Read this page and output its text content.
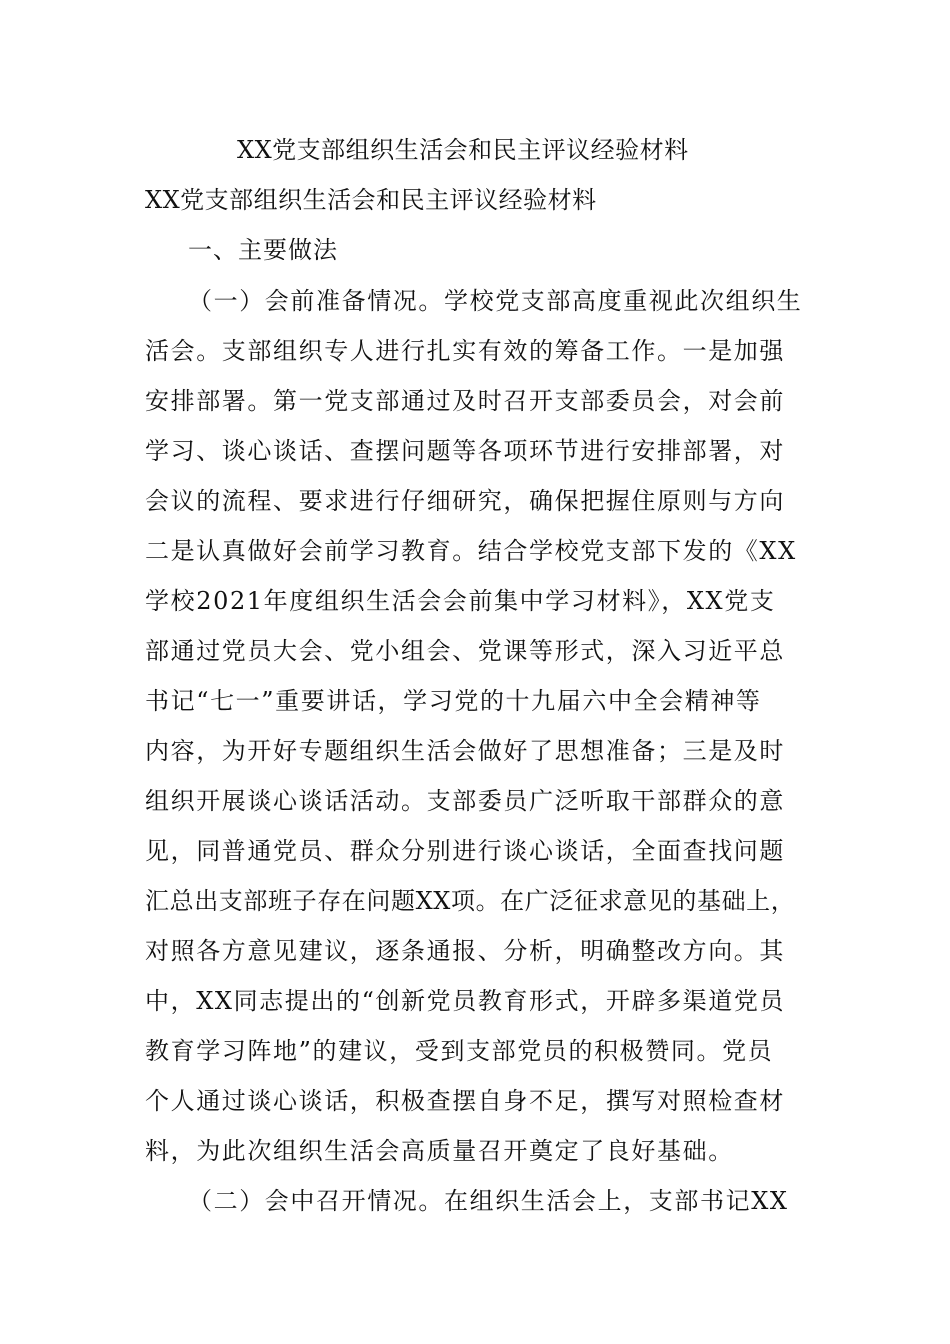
XX党支部组织生活会和民主评议经验材料
XX党支部组织生活会和民主评议经验材料
一、主要做法
（一）会前准备情况。学校党支部高度重视此次组织生
活会。支部组织专人进行扎实有效的筹备工作。一是加强
安排部署。第一党支部通过及时召开支部委员会，对会前
学习、谈心谈话、查摆问题等各项环节进行安排部署，对
会议的流程、要求进行仔细研究，确保把握住原则与方向
二是认真做好会前学习教育。结合学校党支部下发的《XX
学校2021年度组织生活会会前集中学习材料》，XX党支
部通过党员大会、党小组会、党课等形式，深入习近平总
书记“七一”重要讲话，学习党的十九届六中全会精神等
内容，为开好专题组织生活会做好了思想准备；三是及时
组织开展谈心谈话活动。支部委员广泛听取干部群众的意
见，同普通党员、群众分别进行谈心谈话，全面查找问题
汇总出支部班子存在问题XX项。在广泛征求意见的基础上，
对照各方意见建议，逐条通报、分析，明确整改方向。其
中，XX同志提出的“创新党员教育形式，开辟多渠道党员
教育学习阵地”的建议，受到支部党员的积极赞同。党员
个人通过谈心谈话，积极查摆自身不足，撰写对照检查材
料，为此次组织生活会高质量召开奠定了良好基础。
（二）会中召开情况。在组织生活会上，支部书记XX
